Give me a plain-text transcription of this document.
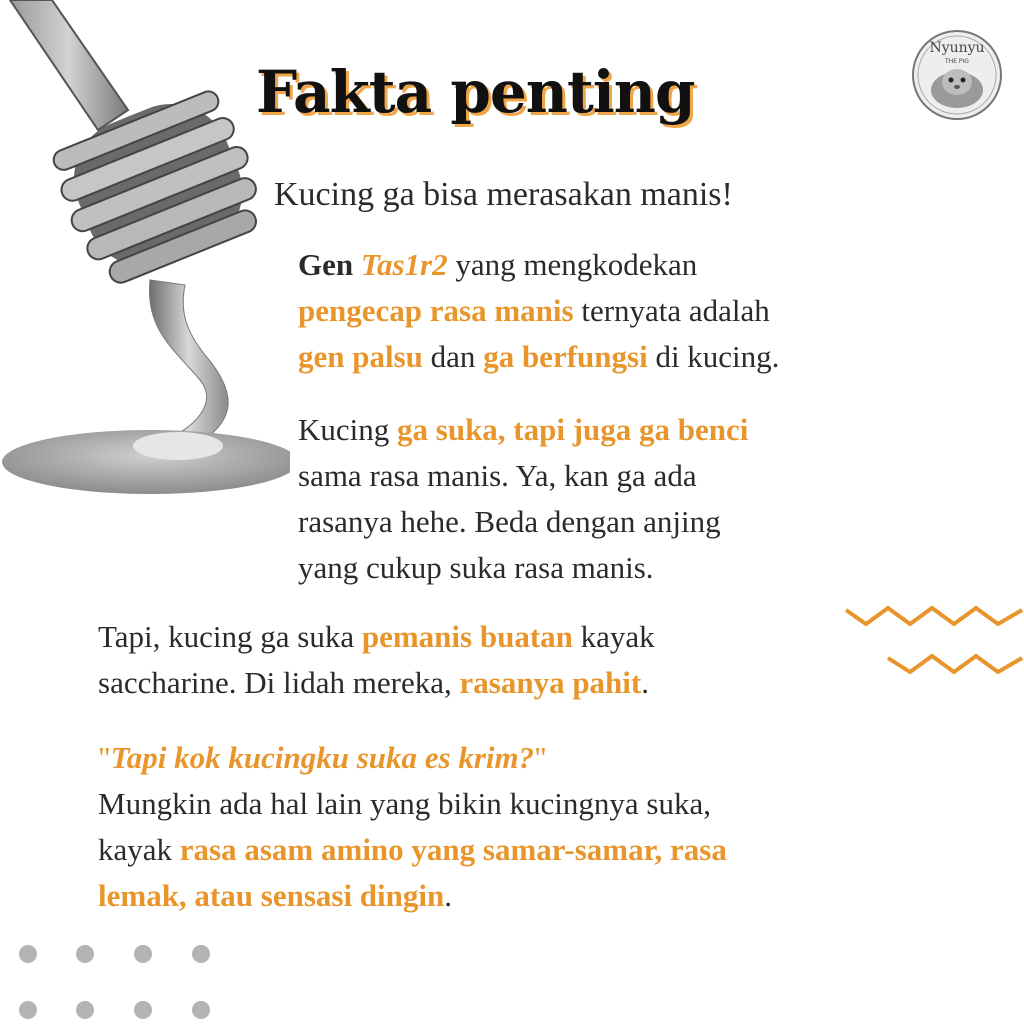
Fakta penting
Nyunyu
THE PIG
Kucing ga bisa merasakan manis!
Gen Tas1r2 yang mengkodekan
pengecap rasa manis ternyata adalah
gen palsu dan ga berfungsi di kucing.
Kucing ga suka, tapi juga ga benci
sama rasa manis. Ya, kan ga ada
rasanya hehe. Beda dengan anjing
yang cukup suka rasa manis.
Tapi, kucing ga suka pemanis buatan kayak
saccharine. Di lidah mereka, rasanya pahit.
"Tapi kok kucingku suka es krim?"
Mungkin ada hal lain yang bikin kucingnya suka,
kayak rasa asam amino yang samar-samar, rasa
lemak, atau sensasi dingin.
